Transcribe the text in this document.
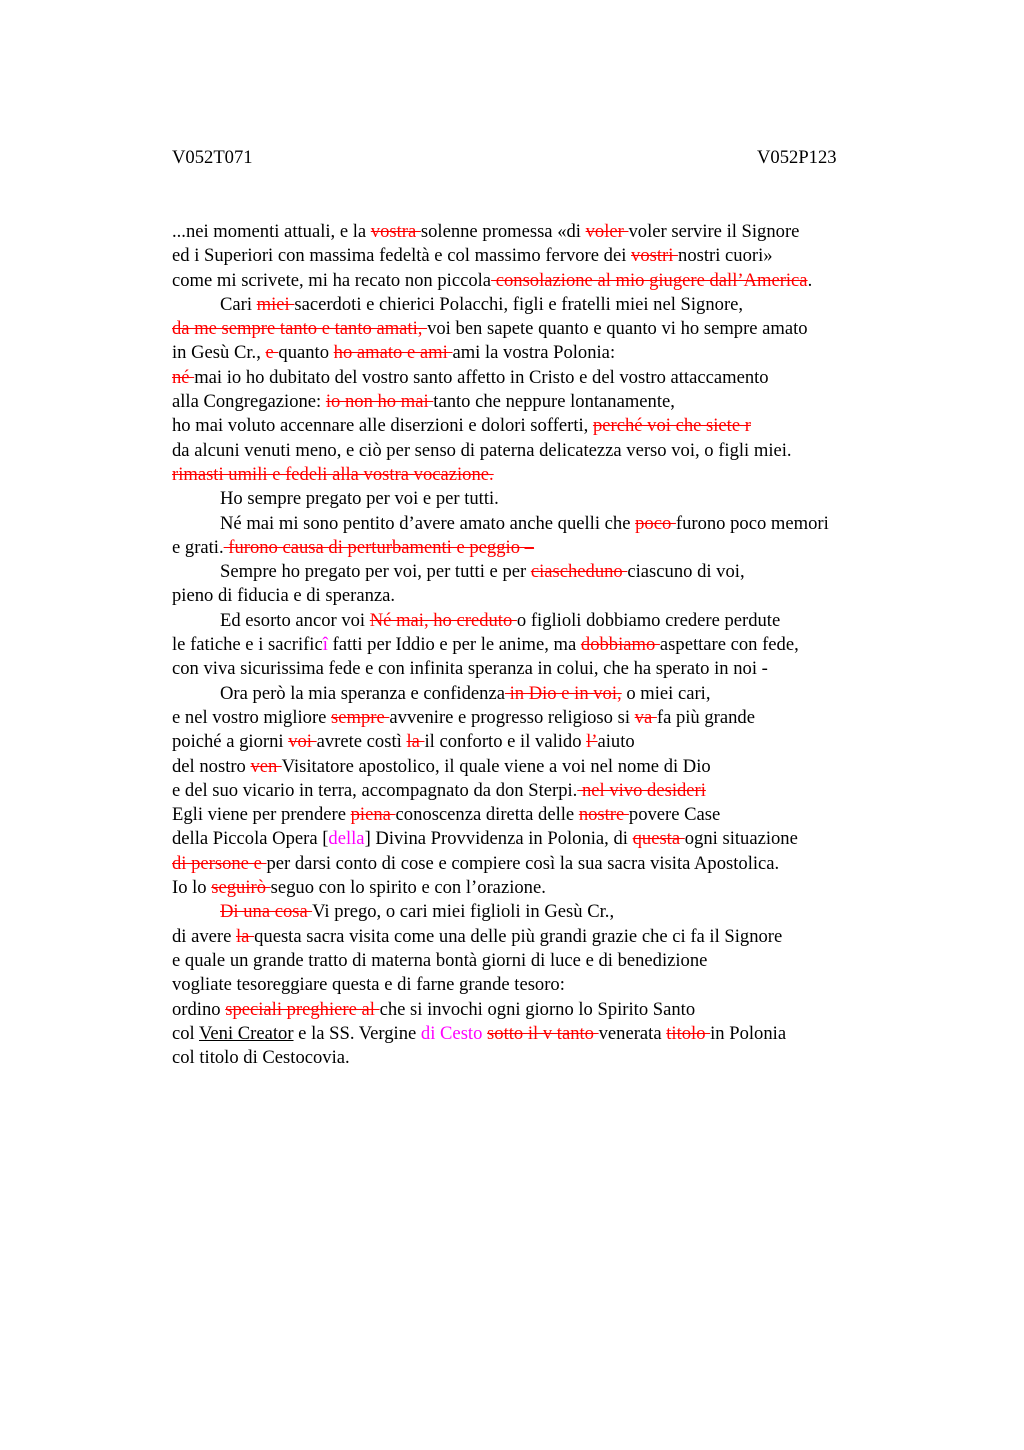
V052T071	V052P123
...nei momenti attuali, e la vostra solenne promessa «di voler voler servire il Signore
ed i Superiori con massima fedeltà e col massimo fervore dei vostri nostri cuori»
come mi scrivete, mi ha recato non piccola consolazione al mio giugere dall’America.
Cari miei sacerdoti e chierici Polacchi, figli e fratelli miei nel Signore,
da me sempre tanto e tanto amati, voi ben sapete quanto e quanto vi ho sempre amato
in Gesù Cr., e quanto ho amato e ami ami la vostra Polonia:
né mai io ho dubitato del vostro santo affetto in Cristo e del vostro attaccamento
alla Congregazione: io non ho mai tanto che neppure lontanamente,
ho mai voluto accennare alle diserzioni e dolori sofferti, perché voi che siete r
da alcuni venuti meno, e ciò per senso di paterna delicatezza verso voi, o figli miei.
rimasti umili e fedeli alla vostra vocazione.
Ho sempre pregato per voi e per tutti.
Né mai mi sono pentito d’avere amato anche quelli che poco furono poco memori
e grati. furono causa di perturbamenti e peggio –
Sempre ho pregato per voi, per tutti e per ciascheduno ciascuno di voi,
pieno di fiducia e di speranza.
Ed esorto ancor voi Né mai, ho creduto o figlioli dobbiamo credere perdute
le fatiche e i sacrificî fatti per Iddio e per le anime, ma dobbiamo aspettare con fede,
con viva sicurissima fede e con infinita speranza in colui, che ha sperato in noi -
Ora però la mia speranza e confidenza in Dio e in voi, o miei cari,
e nel vostro migliore sempre avvenire e progresso religioso si va fa più grande
poiché a giorni voi avrete costì la il conforto e il valido l’aiuto
del nostro ven Visitatore apostolico, il quale viene a voi nel nome di Dio
e del suo vicario in terra, accompagnato da don Sterpi. nel vivo desideri
Egli viene per prendere piena conoscenza diretta delle nostre povere Case
della Piccola Opera [della] Divina Provvidenza in Polonia, di questa ogni situazione
di persone e per darsi conto di cose e compiere così la sua sacra visita Apostolica.
Io lo seguirò seguo con lo spirito e con l’orazione.
Di una cosa Vi prego, o cari miei figlioli in Gesù Cr.,
di avere la questa sacra visita come una delle più grandi grazie che ci fa il Signore
e quale un grande tratto di materna bontà giorni di luce e di benedizione
vogliate tesoreggiare questa e di farne grande tesoro:
ordino speciali preghiere al che si invochi ogni giorno lo Spirito Santo
col Veni Creator e la SS. Vergine di Cesto sotto il v tanto venerata titolo in Polonia
col titolo di Cestocovia.
